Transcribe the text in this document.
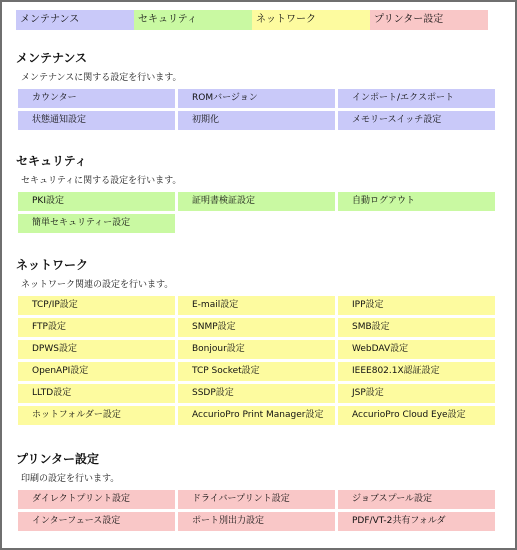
メンテナンス	セキュリティ	ネットワーク	プリンター設定
メンテナンス
メンテナンスに関する設定を行います。
カウンター	ROMバージョン	インポート/エクスポート
状態通知設定	初期化	メモリースイッチ設定
セキュリティ
セキュリティに関する設定を行います。
PKI設定	証明書検証設定	自動ログアウト
簡単セキュリティー設定
ネットワーク
ネットワーク関連の設定を行います。
TCP/IP設定	E-mail設定	IPP設定
FTP設定	SNMP設定	SMB設定
DPWS設定	Bonjour設定	WebDAV設定
OpenAPI設定	TCP Socket設定	IEEE802.1X認証設定
LLTD設定	SSDP設定	JSP設定
ホットフォルダー設定	AccurioPro Print Manager設定	AccurioPro Cloud Eye設定
プリンター設定
印刷の設定を行います。
ダイレクトプリント設定	ドライバープリント設定	ジョブスプール設定
インターフェース設定	ポート別出力設定	PDF/VT-2共有フォルダ
